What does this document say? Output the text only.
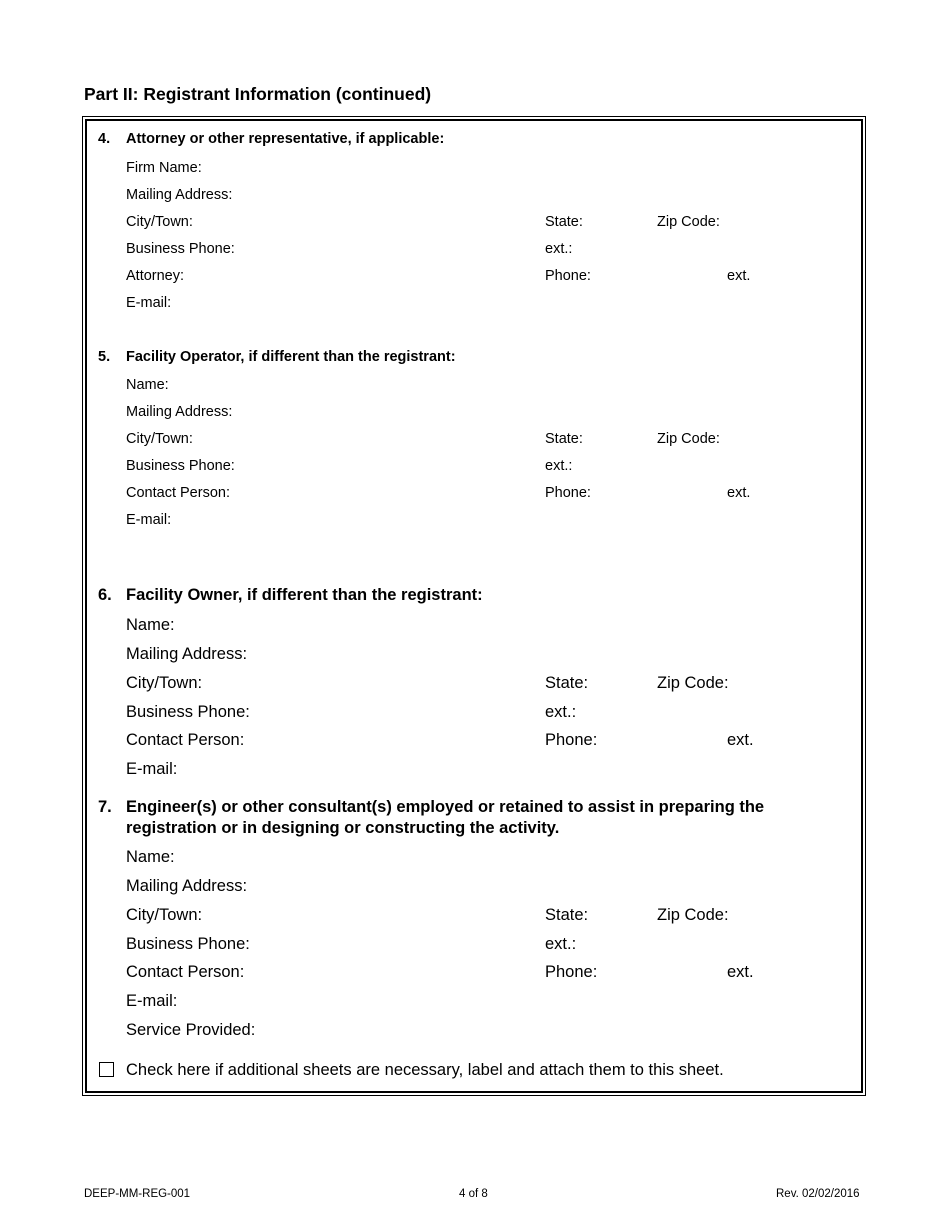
Part II: Registrant Information (continued)
4. Attorney or other representative, if applicable:
Firm Name:
Mailing Address:
City/Town:	State:	Zip Code:
Business Phone:	ext.:
Attorney:	Phone:	ext.
E-mail:
5. Facility Operator, if different than the registrant:
Name:
Mailing Address:
City/Town:	State:	Zip Code:
Business Phone:	ext.:
Contact Person:	Phone:	ext.
E-mail:
6. Facility Owner, if different than the registrant:
Name:
Mailing Address:
City/Town:	State:	Zip Code:
Business Phone:	ext.:
Contact Person:	Phone:	ext.
E-mail:
7. Engineer(s) or other consultant(s) employed or retained to assist in preparing the
registration or in designing or constructing the activity.
Name:
Mailing Address:
City/Town:	State:	Zip Code:
Business Phone:	ext.:
Contact Person:	Phone:	ext.
E-mail:
Service Provided:
Check here if additional sheets are necessary, label and attach them to this sheet.
DEEP-MM-REG-001	4 of 8	Rev. 02/02/2016
